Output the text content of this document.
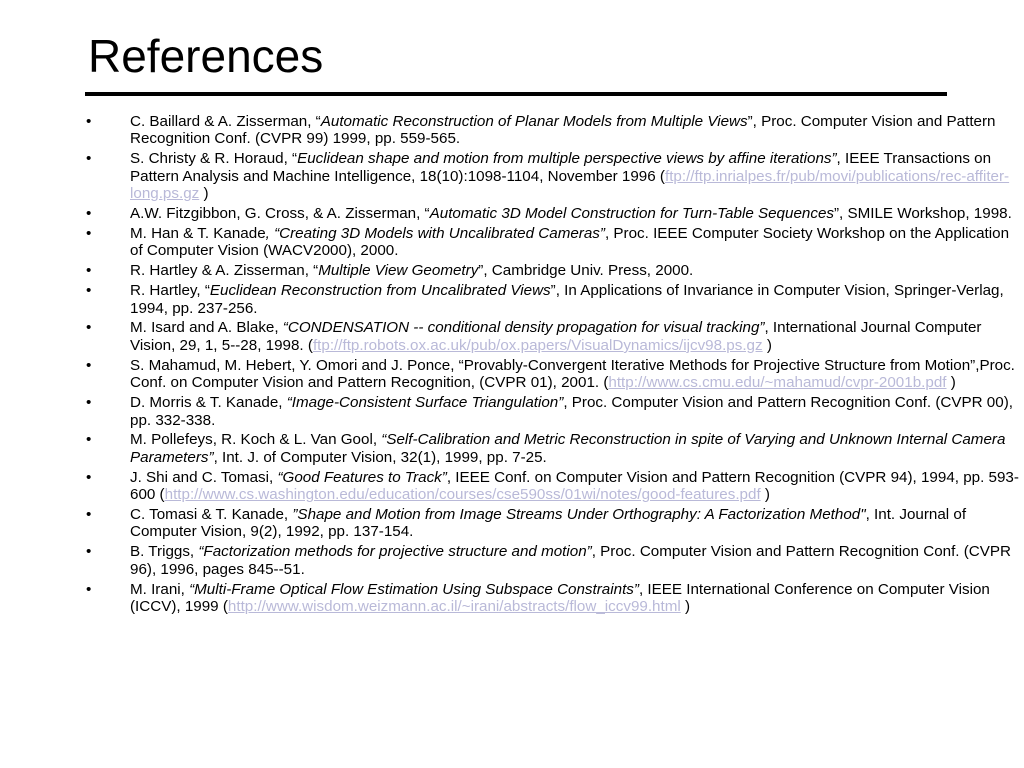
References
•	C. Baillard & A. Zisserman, “Automatic Reconstruction of Planar Models from Multiple Views”, Proc. Computer Vision and Pattern Recognition Conf. (CVPR 99) 1999, pp. 559-565.
•	S. Christy & R. Horaud, “Euclidean shape and motion from multiple perspective views by affine iterations”, IEEE Transactions on Pattern Analysis and Machine Intelligence, 18(10):1098-1104, November 1996 (ftp://ftp.inrialpes.fr/pub/movi/publications/rec-affiter-long.ps.gz )
•	A.W. Fitzgibbon, G. Cross, & A. Zisserman, “Automatic 3D Model Construction for Turn-Table Sequences”, SMILE Workshop, 1998.
•	M. Han & T. Kanade, “Creating 3D Models with Uncalibrated Cameras”, Proc. IEEE Computer Society Workshop on the Application of Computer Vision (WACV2000), 2000.
•	R. Hartley & A. Zisserman, “Multiple View Geometry”, Cambridge Univ. Press, 2000.
•	R. Hartley, “Euclidean Reconstruction from Uncalibrated Views”, In Applications of Invariance in Computer Vision, Springer-Verlag, 1994, pp. 237-256.
•	M. Isard and A. Blake, “CONDENSATION -- conditional density propagation for visual tracking”, International Journal Computer Vision, 29, 1, 5--28, 1998. (ftp://ftp.robots.ox.ac.uk/pub/ox.papers/VisualDynamics/ijcv98.ps.gz )
•	S. Mahamud, M. Hebert, Y. Omori and J. Ponce, “Provably-Convergent Iterative Methods for Projective Structure from Motion”,Proc. Conf. on Computer Vision and Pattern Recognition, (CVPR 01), 2001. (http://www.cs.cmu.edu/~mahamud/cvpr-2001b.pdf )
•	D. Morris & T. Kanade, “Image-Consistent Surface Triangulation”, Proc. Computer Vision and Pattern Recognition Conf. (CVPR 00), pp. 332-338.
•	M. Pollefeys, R. Koch & L. Van Gool, “Self-Calibration and Metric Reconstruction in spite of Varying and Unknown Internal Camera Parameters”, Int. J. of Computer Vision, 32(1), 1999, pp. 7-25.
•	J. Shi and C. Tomasi, “Good Features to Track”, IEEE Conf. on Computer Vision and Pattern Recognition (CVPR 94), 1994, pp. 593-600 (http://www.cs.washington.edu/education/courses/cse590ss/01wi/notes/good-features.pdf )
•	C. Tomasi & T. Kanade, ”Shape and Motion from Image Streams Under Orthography: A Factorization Method", Int. Journal of Computer Vision, 9(2), 1992, pp. 137-154.
•	B. Triggs, “Factorization methods for projective structure and motion”, Proc. Computer Vision and Pattern Recognition Conf. (CVPR 96), 1996, pages 845--51.
•	M. Irani, “Multi-Frame Optical Flow Estimation Using Subspace Constraints”, IEEE International Conference on Computer Vision (ICCV), 1999 (http://www.wisdom.weizmann.ac.il/~irani/abstracts/flow_iccv99.html )
